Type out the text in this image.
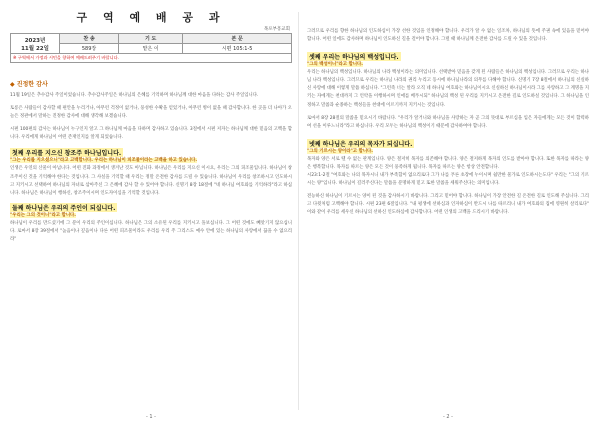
구 역 예 배 공 과
목포부흥교회
2023년
11월 22일	찬 송	기 도	본 문
	589장	맡은 이	시편 105:1-5
※ 구역에서 가정과 시민을 향하여 예배드려주기 바랍니다.			

◆ 진정한 감사

11월 19일은 추수감사 주일이었습니다. 추수감사주일은 하나님의 은혜를 기억하며 하나님께 대한 마음을 다하는 감사 주일입니다.

토롱은 사람들이 감사할 때 편안을 누리거나, 아무런 걱정이 없거나, 풍성한 수확을 얻었거나, 아무런 병이 없을 때 감사합니다. 한 곳을 더 나아가 오늘은 정관에서 말하는 진정한 감사에 대해 생각해 보겠습니다.

시편 100편의 감사는 하나님이 누구인지 알고 그 하나님께 마음을 다하며 감사하고 있습니다. 3절에서 시편 저자는 하나님께 대한 믿음의 고백을 합니다. 우리에게 하나님이 어떤 존재인지를 알게 되었습니다.

첫째 우리를 지으신 창조주 하나님입니다.

"그는 우리를 지으셨으니"라고 고백합니다. 우리는 하나님이 피조물이라는 고백을 하고 있습니다.

인생은 우연의 산물이 아닙니다. 어떤 진화 과정에서 생겨난 것도 아닙니다. 하나님은 우리를 지으신 이시요, 우리는 그의 피조물입니다. 하나님이 창조주이신 것을 기억해야 한다는 것입니다. 그 사실을 기억할 때 우리는 정말 온전한 감사를 드릴 수 있습니다. 하나님이 우리를 창조하시고 인도하시고 지키시고 선택하여 하나님의 자녀로 삼아주신 그 은혜에 감사 할 수 있어야 합니다. 신명기 8장 18절에 "네 하나님 여호와를 기억하라"라고 하십니다. 하나님은 하나님이 행하신, 창조주이시며 인도자이심을 기억할 것입니다.

둘째 하나님은 우리의 주인이 되십니다.

"우리는 그의 것이니"라고 합니다.

하나님이 우리를 만드셨기에 그 분이 우리의 주인이십니다. 하나님은 그의 소유된 우리를 지키시고 돌보십니다. 그 어떤 것에도 빼앗기지 않으십니다. 로마서 8장 39절에서 "높음이나 깊음이나 다른 어떤 피조물이라도 우리를 우리 주 그리스도 예수 안에 있는 하나님의 사랑에서 끊을 수 없으리라"

- 1 -

그러므로 우리를 향한 하나님의 인도하심이 가장 선한 것임을 인정해야 합니다. 우리가 알 수 없는 일조차, 하나님의 뜻에 주권 속에 있음을 믿어야 합니다. 어떤 일에도 감사하며 하나님이 인도하신 길을 걸어야 합니다. 그럴 때 하나님께 온전한 감사를 드릴 수 있을 것입니다.

셋째 우리는 하나님의 백성입니다.

"그의 백성이니"라고 합니다.

우리는 하나님의 백성입니다. 하나님의 나라 백성이라는 의미입니다. 선택받아 믿음을 갖게 된 사람들은 하나님의 백성입니다. 그러므로 우리는 하나님 나라 백성입니다. 그러므로 우리는 하나님 나라의 권리 누리고 동시에 하나님나라의 의무를 다해야 합니다. 신명기 7장 8절에서 하나님의 신실하신 사랑에 대해 이렇게 말씀 하십니다. "그런즉 너는 알라 오직 네 하나님 여호와는 하나님이시요 신실하신 하나님이시라 그를 사랑하고 그 계명을 지키는 자에게는 천대까지 그 언약을 이행하시며 인애를 베푸시되" 하나님의 백성 된 우리를 지키시고 온전한 길로 인도하실 것입니다. 그 하나님을 인정하고 말씀과 순종하는 백성들을 천대에 이르기까지 지키시는 것입니다.

로마서 8장 28절의 말씀을 믿으시기 바랍니다. "우리가 알거니와 하나님을 사랑하는 자 곧 그의 뜻대로 부르심을 입은 자들에게는 모든 것이 합력하여 선을 이루느니라"라고 하십니다. 우리 모두는 하나님의 백성이기 때문에 감사하여야 합니다.

넷째 하나님은 우리의 목자가 되십니다.

"그의 기르시는 양이라"고 합니다.

목자와 양은 서로 뗄 수 없는 관계입니다. 양은 철저히 목자를 의존해야 합니다. 양은 철저하게 목자의 인도를 받아야 합니다. 또한 목자를 따라는 양은 행복합니다. 목자를 따르는 양은 모든 것이 풍족하게 됩니다. 목자를 따르는 양은 항상 안전합니다.

시23:1-2절 "여호와는 나의 목자시니 내가 부족함이 없으리로다 그가 나를 푸른 초장에 누이시며 쉴만한 물가로 인도하시는도다" 우리는 "그의 기르시는 양"입니다. 하나님이 길러주신다는 말씀을 분명하게 믿고 또한 말씀을 세워주신다는 의미입니다.

전능하신 하나님이 기르시는 양이 된 것을 감사하시기 바랍니다. 그리고 믿어야 합니다. 하나님이 가장 안전한 길 온전한 길로 인도해 주십니다. 그리고 다윗처럼 고백해야 합니다. 시편 23편 6절입니다. "내 평생에 선하심과 인자하심이 반드시 나를 따르리니 내가 여호와의 집에 영원히 살리로다" 이와 같이 우리를 세우신 하나님의 선하신 인도하심에 감사합니다. 어떤 인생의 고백을 드리시기 바랍니다.

- 2 -
